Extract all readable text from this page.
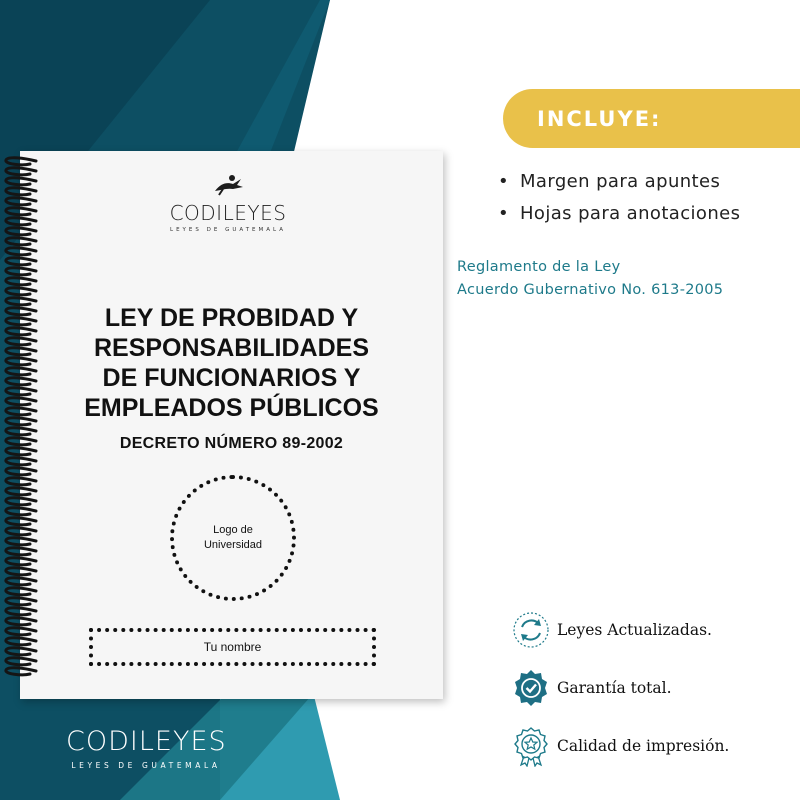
CODILEYES
LEYES DE GUATEMALA
LEY DE PROBIDAD Y
RESPONSABILIDADES
DE FUNCIONARIOS Y
EMPLEADOS PÚBLICOS
DECRETO NÚMERO 89-2002
Logo de
Universidad
Tu nombre
CODILEYES
LEYES DE GUATEMALA
INCLUYE:
• Margen para apuntes
• Hojas para anotaciones
Reglamento de la Ley
Acuerdo Gubernativo No. 613-2005
Leyes Actualizadas.
Garantía total.
Calidad de impresión.
